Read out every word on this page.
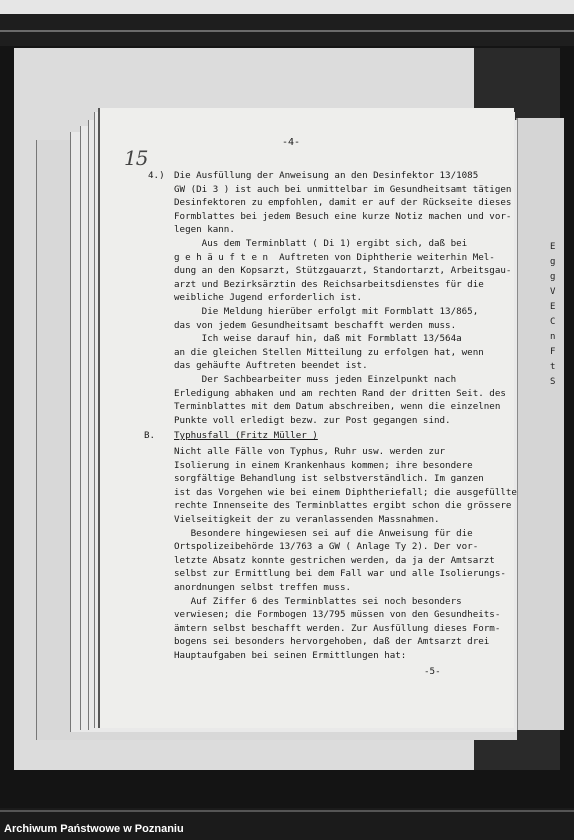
E
g
g
V
E
C
n
F
t
S
-4-
15
4.) Die Ausfüllung der Anweisung an den Desinfektor 13/1085
GW (Di 3 ) ist auch bei unmittelbar im Gesundheitsamt tätigen
Desinfektoren zu empfohlen, damit er auf der Rückseite dieses
Formblattes bei jedem Besuch eine kurze Notiz machen und vor-
legen kann.
Aus dem Terminblatt ( Di 1) ergibt sich, daß bei
g e h ä u f t e n  Auftreten von Diphtherie weiterhin Mel-
dung an den Kopsarzt, Stützgauarzt, Standortarzt, Arbeitsgau-
arzt und Bezirksärztin des Reichsarbeitsdienstes für die
weibliche Jugend erforderlich ist.
Die Meldung hierüber erfolgt mit Formblatt 13/865,
das von jedem Gesundheitsamt beschafft werden muss.
Ich weise darauf hin, daß mit Formblatt 13/564a
an die gleichen Stellen Mitteilung zu erfolgen hat, wenn
das gehäufte Auftreten beendet ist.
Der Sachbearbeiter muss jeden Einzelpunkt nach
Erledigung abhaken und am rechten Rand der dritten Seit. des
Terminblattes mit dem Datum abschreiben, wenn die einzelnen
Punkte voll erledigt bezw. zur Post gegangen sind.
B. Typhusfall (Fritz Müller )
Nicht alle Fälle von Typhus, Ruhr usw. werden zur
Isolierung in einem Krankenhaus kommen; ihre besondere
sorgfältige Behandlung ist selbstverständlich. Im ganzen
ist das Vorgehen wie bei einem Diphtheriefall; die ausgefüllte
rechte Innenseite des Terminblattes ergibt schon die grössere
Vielseitigkeit der zu veranlassenden Massnahmen.
Besondere hingewiesen sei auf die Anweisung für die
Ortspolizeibehörde 13/763 a GW ( Anlage Ty 2). Der vor-
letzte Absatz konnte gestrichen werden, da ja der Amtsarzt
selbst zur Ermittlung bei dem Fall war und alle Isolierungs-
anordnungen selbst treffen muss.
Auf Ziffer 6 des Terminblattes sei noch besonders
verwiesen; die Formbogen 13/795 müssen von den Gesundheits-
ämtern selbst beschafft werden. Zur Ausfüllung dieses Form-
bogens sei besonders hervorgehoben, daß der Amtsarzt drei
Hauptaufgaben bei seinen Ermittlungen hat:
-5-
Archiwum Państwowe w Poznaniu
